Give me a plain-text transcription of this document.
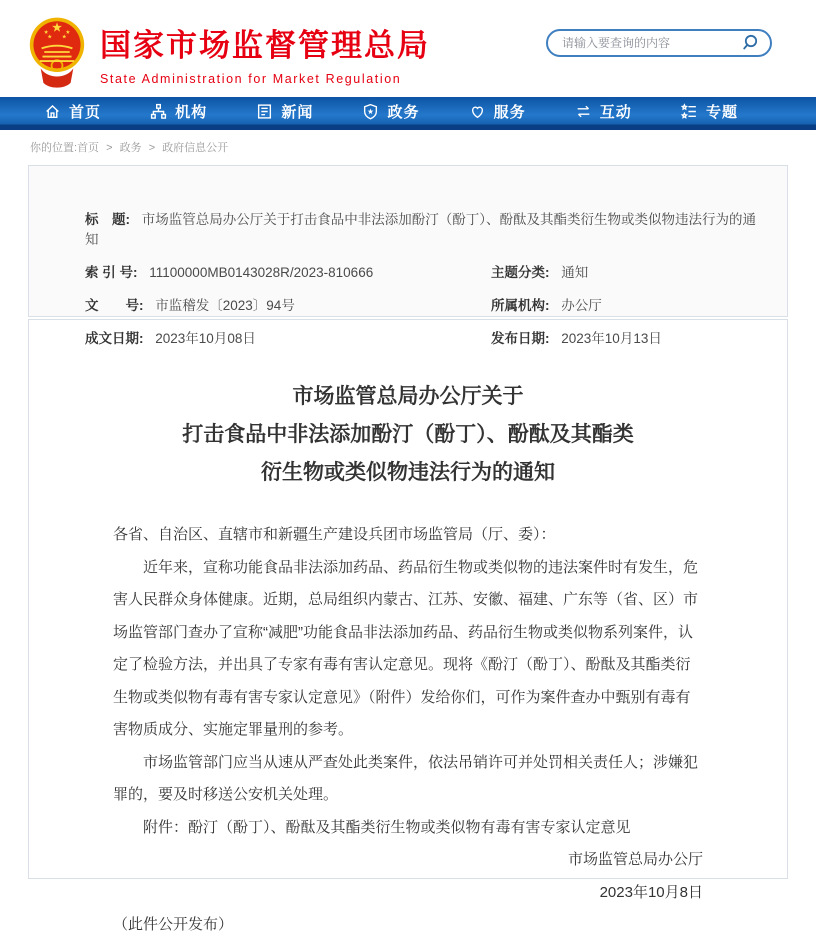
国家市场监督管理总局
State Administration for Market Regulation
请输入要查询的内容
首页	机构	新闻	政务	服务	互动	专题
你的位置:首页 > 政务 > 政府信息公开
标　题: 市场监管总局办公厅关于打击食品中非法添加酚汀（酚丁）、酚酞及其酯类衍生物或类似物违法行为的通知
索 引 号: 11100000MB0143028R/2023-810666	主题分类: 通知
文　　号: 市监稽发〔2023〕94号	所属机构: 办公厅
成文日期: 2023年10月08日	发布日期: 2023年10月13日
市场监管总局办公厅关于
打击食品中非法添加酚汀（酚丁）、酚酞及其酯类
衍生物或类似物违法行为的通知

各省、自治区、直辖市和新疆生产建设兵团市场监管局（厅、委）：

近年来，宣称功能食品非法添加药品、药品衍生物或类似物的违法案件时有发生，危害人民群众身体健康。近期，总局组织内蒙古、江苏、安徽、福建、广东等（省、区）市场监管部门查办了宣称“减肥”功能食品非法添加药品、药品衍生物或类似物系列案件，认定了检验方法，并出具了专家有毒有害认定意见。现将《酚汀（酚丁）、酚酞及其酯类衍生物或类似物有毒有害专家认定意见》（附件）发给你们，可作为案件查办中甄别有毒有害物质成分、实施定罪量刑的参考。

市场监管部门应当从速从严查处此类案件，依法吊销许可并处罚相关责任人；涉嫌犯罪的，要及时移送公安机关处理。

附件：酚汀（酚丁）、酚酞及其酯类衍生物或类似物有毒有害专家认定意见

市场监管总局办公厅

2023年10月8日

（此件公开发布）
